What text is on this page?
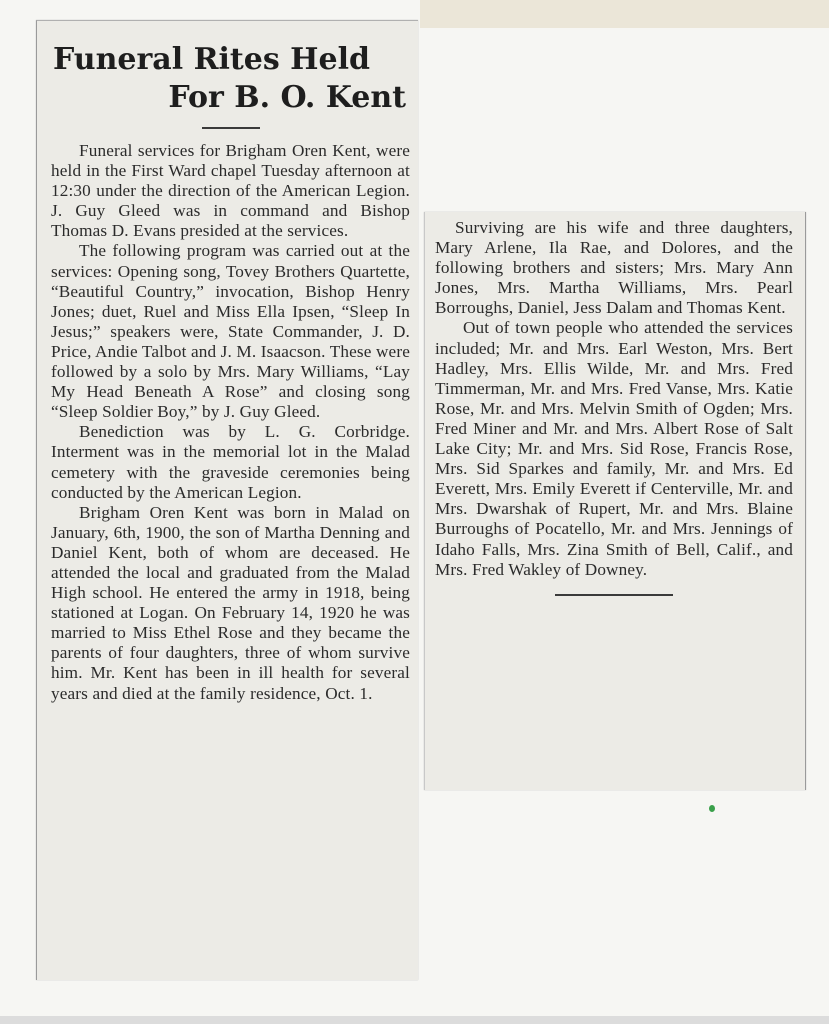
Funeral Rites Held
For B. O. Kent

Funeral services for Brigham Oren Kent, were held in the First Ward chapel Tuesday afternoon at 12:30 under the direction of the American Legion. J. Guy Gleed was in command and Bishop Thomas D. Evans presided at the services.

The following program was carried out at the services: Opening song, Tovey Brothers Quartette, “Beautiful Country,” invocation, Bishop Henry Jones; duet, Ruel and Miss Ella Ipsen, “Sleep In Jesus;” speakers were, State Commander, J. D. Price, Andie Talbot and J. M. Isaacson. These were followed by a solo by Mrs. Mary Williams, “Lay My Head Beneath A Rose” and closing song “Sleep Soldier Boy,” by J. Guy Gleed.

Benediction was by L. G. Corbridge. Interment was in the memorial lot in the Malad cemetery with the graveside ceremonies being conducted by the American Legion.

Brigham Oren Kent was born in Malad on January, 6th, 1900, the son of Martha Denning and Daniel Kent, both of whom are deceased. He attended the local and graduated from the Malad High school. He entered the army in 1918, being stationed at Logan. On February 14, 1920 he was married to Miss Ethel Rose and they became the parents of four daughters, three of whom survive him. Mr. Kent has been in ill health for several years and died at the family residence, Oct. 1.

Surviving are his wife and three daughters, Mary Arlene, Ila Rae, and Dolores, and the following brothers and sisters; Mrs. Mary Ann Jones, Mrs. Martha Williams, Mrs. Pearl Borroughs, Daniel, Jess Dalam and Thomas Kent.

Out of town people who attended the services included; Mr. and Mrs. Earl Weston, Mrs. Bert Hadley, Mrs. Ellis Wilde, Mr. and Mrs. Fred Timmerman, Mr. and Mrs. Fred Vanse, Mrs. Katie Rose, Mr. and Mrs. Melvin Smith of Ogden; Mrs. Fred Miner and Mr. and Mrs. Albert Rose of Salt Lake City; Mr. and Mrs. Sid Rose, Francis Rose, Mrs. Sid Sparkes and family, Mr. and Mrs. Ed Everett, Mrs. Emily Everett if Centerville, Mr. and Mrs. Dwarshak of Rupert, Mr. and Mrs. Blaine Burroughs of Pocatello, Mr. and Mrs. Jennings of Idaho Falls, Mrs. Zina Smith of Bell, Calif., and Mrs. Fred Wakley of Downey.
